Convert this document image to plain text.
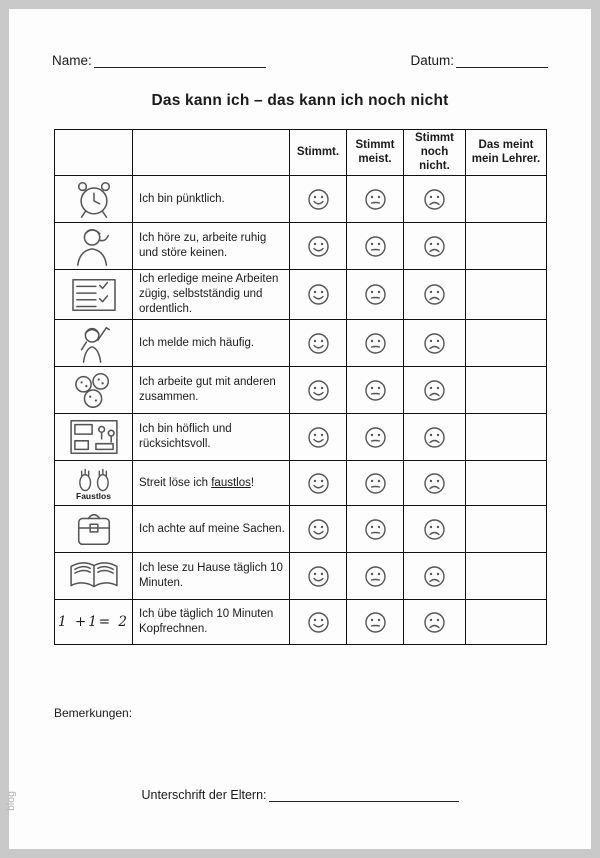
Name:	Datum:
Das kann ich – das kann ich noch nicht
		Stimmt.	Stimmt meist.	Stimmt noch nicht.	Das meint mein Lehrer.
	Ich bin pünktlich.				
	Ich höre zu, arbeite ruhig und störe keinen.				
	Ich erledige meine Arbeiten zügig, selbstständig und ordentlich.				
	Ich melde mich häufig.				
	Ich arbeite gut mit anderen zusammen.				
	Ich bin höflich und rücksichtsvoll.				

Faustlos	Streit löse ich faustlos!				
	Ich achte auf meine Sachen.				
	Ich lese zu Hause täglich 10 Minuten.				

1 +1= 2	Ich übe täglich 10 Minuten Kopfrechnen.				
Bemerkungen:
Unterschrift der Eltern:
blog
